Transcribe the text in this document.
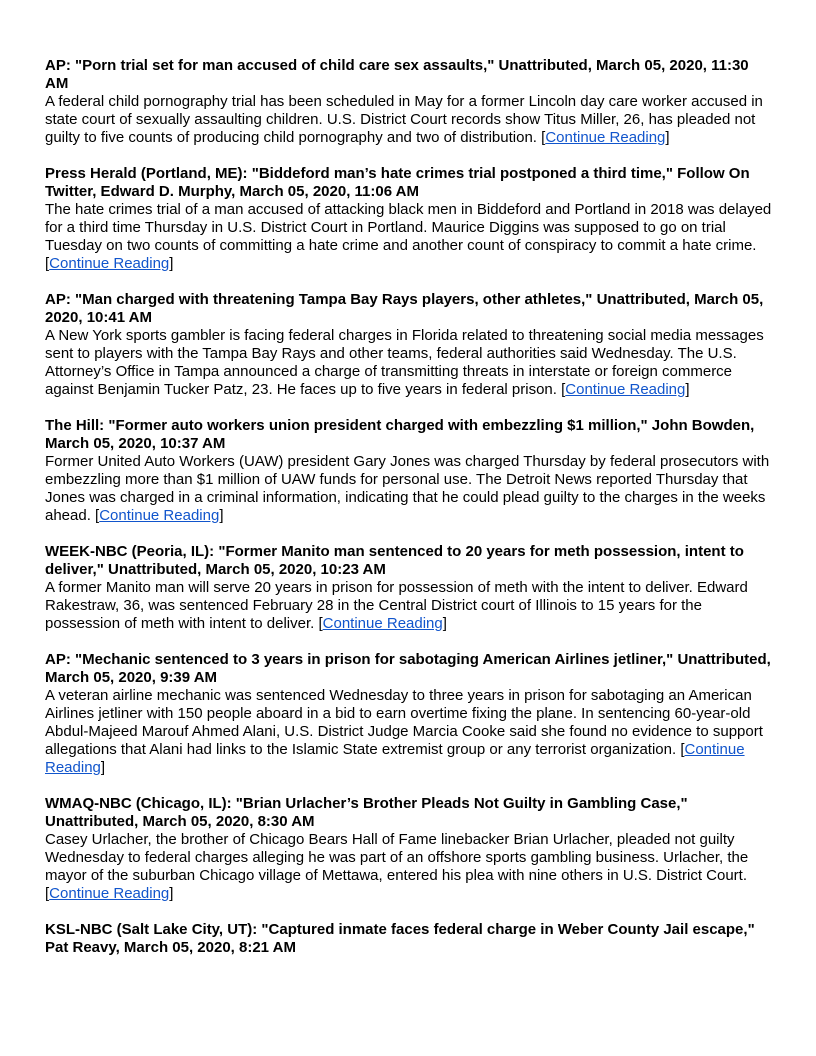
AP: "Porn trial set for man accused of child care sex assaults," Unattributed, March 05, 2020, 11:30 AM

A federal child pornography trial has been scheduled in May for a former Lincoln day care worker accused in state court of sexually assaulting children. U.S. District Court records show Titus Miller, 26, has pleaded not guilty to five counts of producing child pornography and two of distribution. [Continue Reading]

Press Herald (Portland, ME): "Biddeford man’s hate crimes trial postponed a third time," Follow On Twitter, Edward D. Murphy, March 05, 2020, 11:06 AM

The hate crimes trial of a man accused of attacking black men in Biddeford and Portland in 2018 was delayed for a third time Thursday in U.S. District Court in Portland. Maurice Diggins was supposed to go on trial Tuesday on two counts of committing a hate crime and another count of conspiracy to commit a hate crime. [Continue Reading]

AP: "Man charged with threatening Tampa Bay Rays players, other athletes," Unattributed, March 05, 2020, 10:41 AM

A New York sports gambler is facing federal charges in Florida related to threatening social media messages sent to players with the Tampa Bay Rays and other teams, federal authorities said Wednesday. The U.S. Attorney’s Office in Tampa announced a charge of transmitting threats in interstate or foreign commerce against Benjamin Tucker Patz, 23. He faces up to five years in federal prison. [Continue Reading]

The Hill: "Former auto workers union president charged with embezzling $1 million," John Bowden, March 05, 2020, 10:37 AM

Former United Auto Workers (UAW) president Gary Jones was charged Thursday by federal prosecutors with embezzling more than $1 million of UAW funds for personal use. The Detroit News reported Thursday that Jones was charged in a criminal information, indicating that he could plead guilty to the charges in the weeks ahead. [Continue Reading]

WEEK-NBC (Peoria, IL): "Former Manito man sentenced to 20 years for meth possession, intent to deliver," Unattributed, March 05, 2020, 10:23 AM

A former Manito man will serve 20 years in prison for possession of meth with the intent to deliver. Edward Rakestraw, 36, was sentenced February 28 in the Central District court of Illinois to 15 years for the possession of meth with intent to deliver. [Continue Reading]

AP: "Mechanic sentenced to 3 years in prison for sabotaging American Airlines jetliner," Unattributed, March 05, 2020, 9:39 AM

A veteran airline mechanic was sentenced Wednesday to three years in prison for sabotaging an American Airlines jetliner with 150 people aboard in a bid to earn overtime fixing the plane. In sentencing 60-year-old Abdul-Majeed Marouf Ahmed Alani, U.S. District Judge Marcia Cooke said she found no evidence to support allegations that Alani had links to the Islamic State extremist group or any terrorist organization. [Continue Reading]

WMAQ-NBC (Chicago, IL): "Brian Urlacher’s Brother Pleads Not Guilty in Gambling Case," Unattributed, March 05, 2020, 8:30 AM

Casey Urlacher, the brother of Chicago Bears Hall of Fame linebacker Brian Urlacher, pleaded not guilty Wednesday to federal charges alleging he was part of an offshore sports gambling business. Urlacher, the mayor of the suburban Chicago village of Mettawa, entered his plea with nine others in U.S. District Court. [Continue Reading]

KSL-NBC (Salt Lake City, UT): "Captured inmate faces federal charge in Weber County Jail escape," Pat Reavy, March 05, 2020, 8:21 AM
